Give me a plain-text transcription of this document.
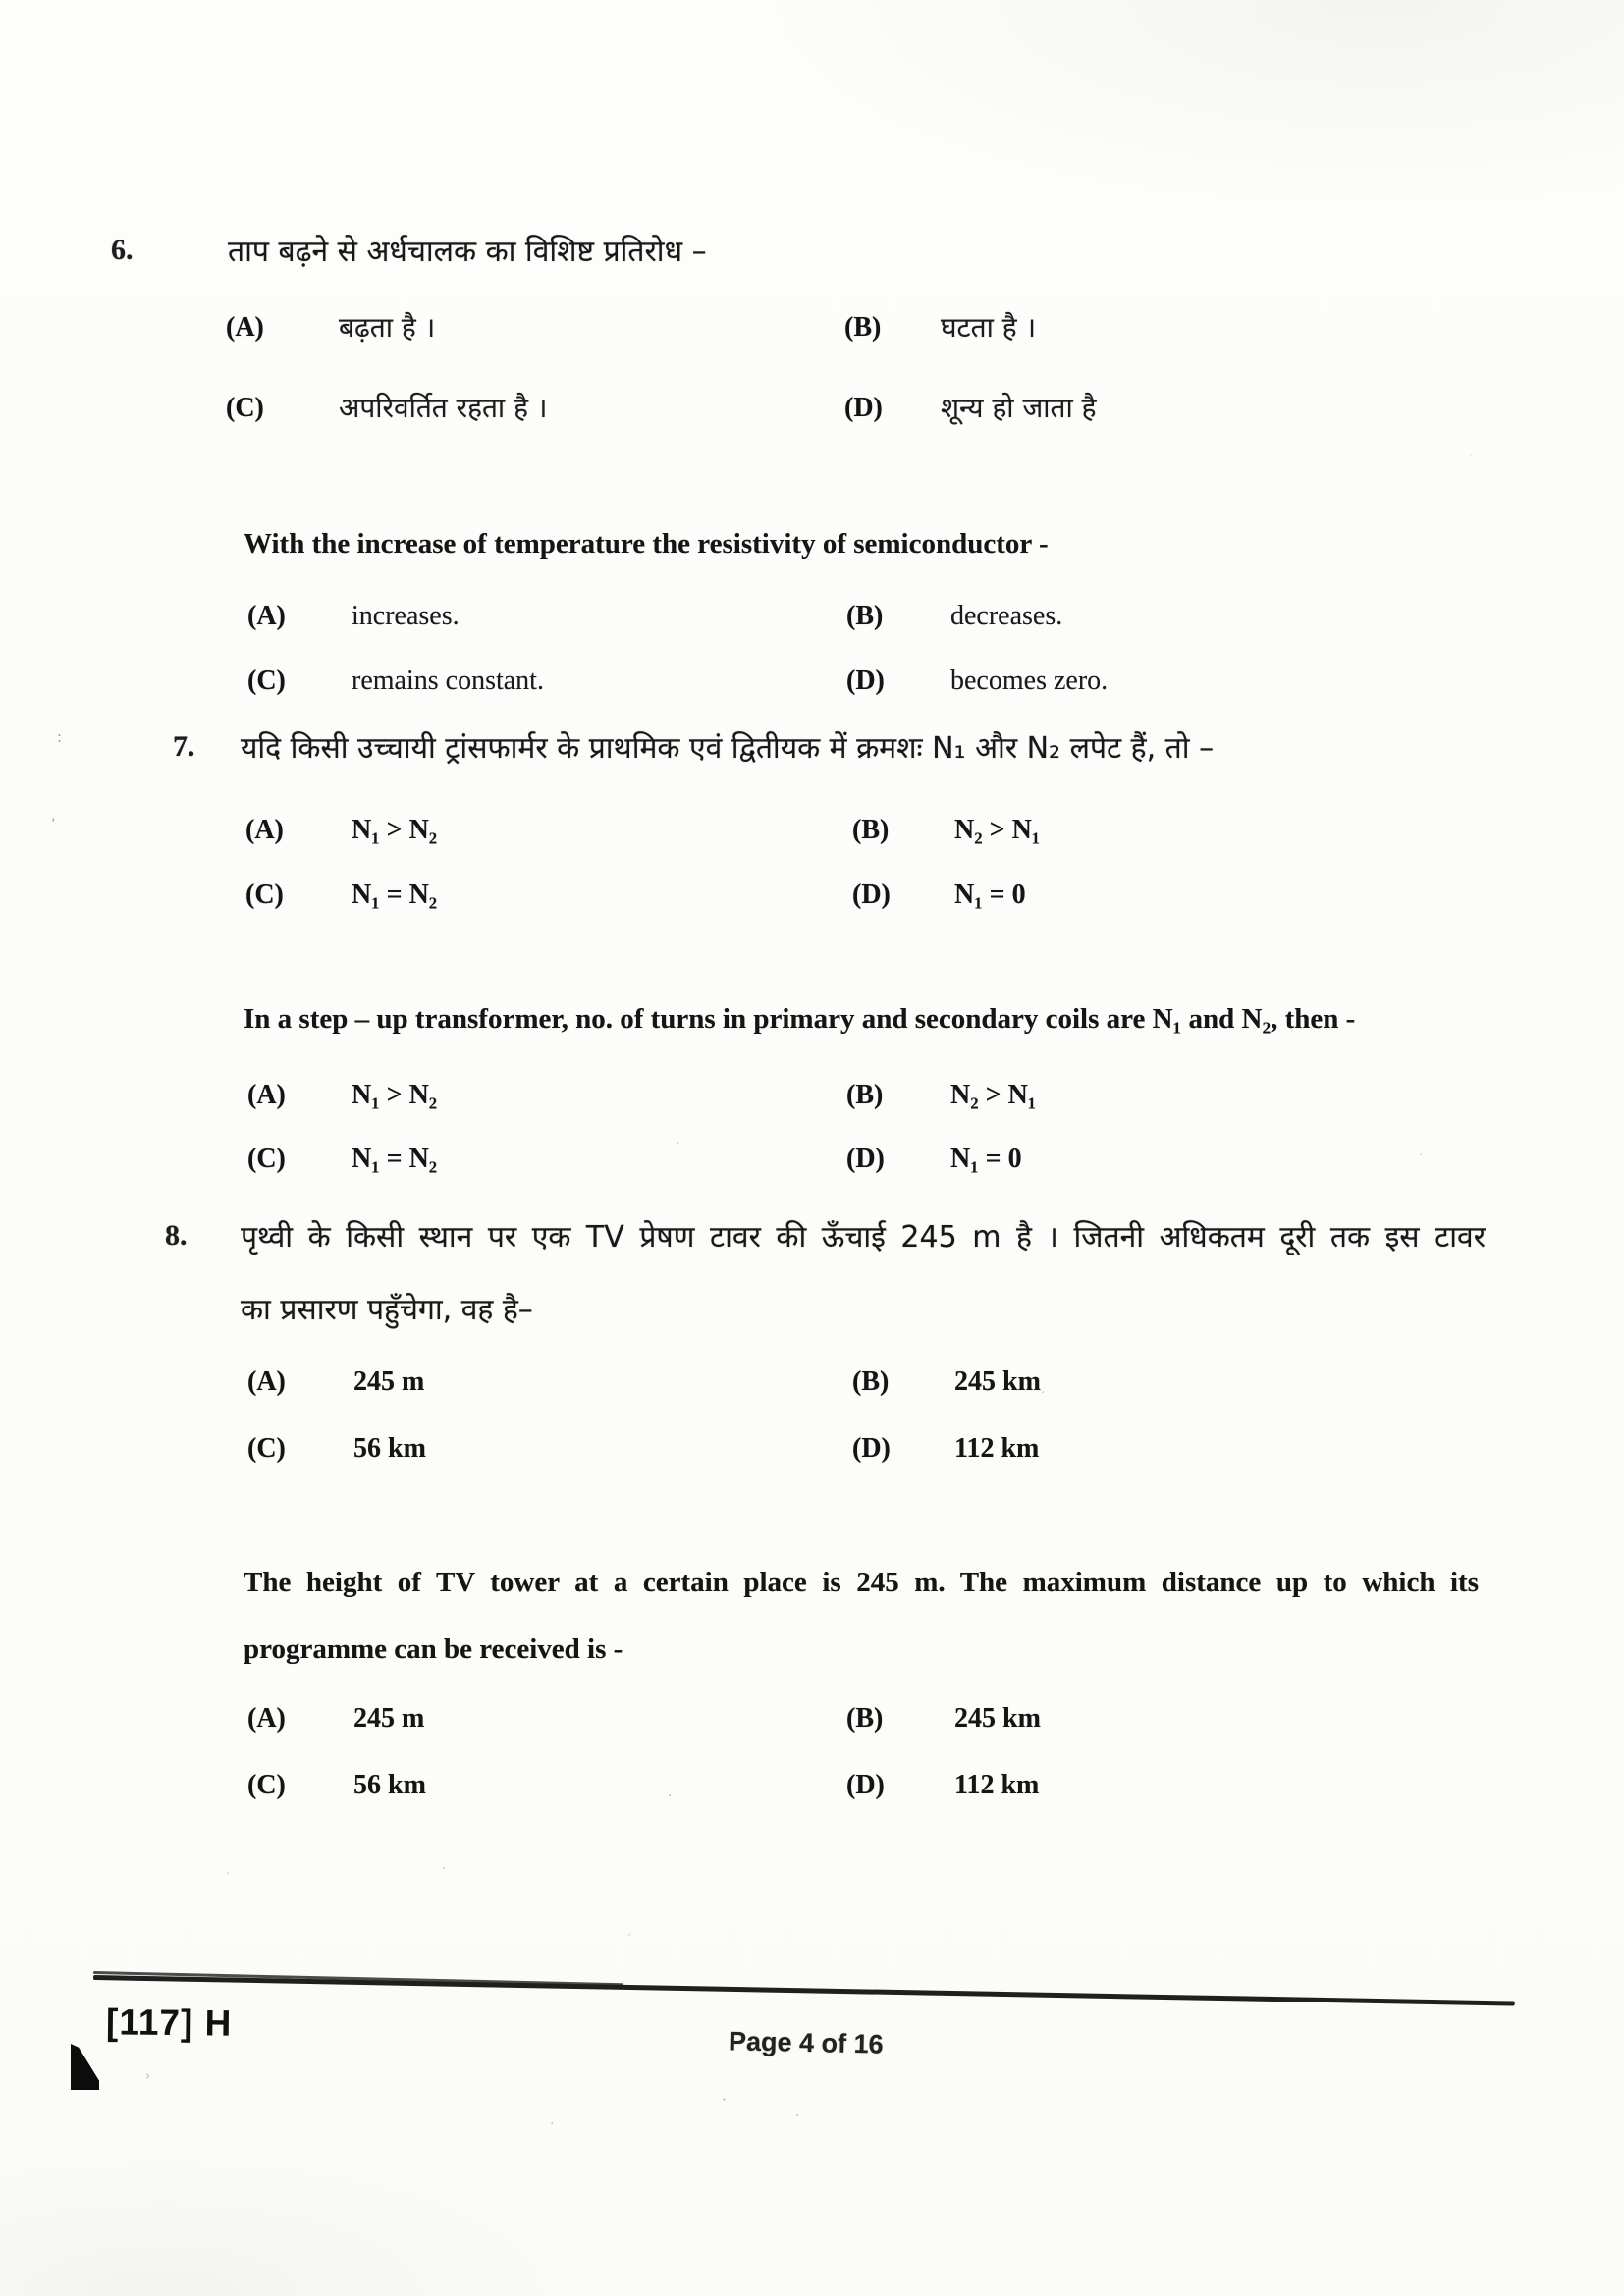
6.	ताप बढ़ने से अर्धचालक का विशिष्ट प्रतिरोध –
(A)	बढ़ता है ।	(B) घटता है ।
(C)	अपरिवर्तित रहता है ।	(D) शून्य हो जाता है
With the increase of temperature the resistivity of semiconductor -
(A) increases.	(B) decreases.
(C) remains constant.	(D) becomes zero.
7. यदि किसी उच्चायी ट्रांसफार्मर के प्राथमिक एवं द्वितीयक में क्रमशः N₁ और N₂ लपेट हैं, तो –
(A) N₁ > N₂	(B) N₂ > N₁
(C) N₁ = N₂	(D) N₁ = 0
In a step – up transformer, no. of turns in primary and secondary coils are N₁ and N₂, then -
(A) N₁ > N₂	(B) N₂ > N₁
(C) N₁ = N₂	(D) N₁ = 0
8. पृथ्वी के किसी स्थान पर एक TV प्रेषण टावर की ऊँचाई 245 m है । जितनी अधिकतम दूरी तक इस टावर
का प्रसारण पहुँचेगा, वह है–
(A) 245 m	(B) 245 km
(C) 56 km	(D) 112 km
The height of TV tower at a certain place is 245 m. The maximum distance up to which its
programme can be received is -
(A) 245 m	(B)	245 km
(C) 56 km	(D)	112 km
[117] H	Page 4 of 16
:
’
·
.
·
.
·
′
·
·
.
›
·
′
